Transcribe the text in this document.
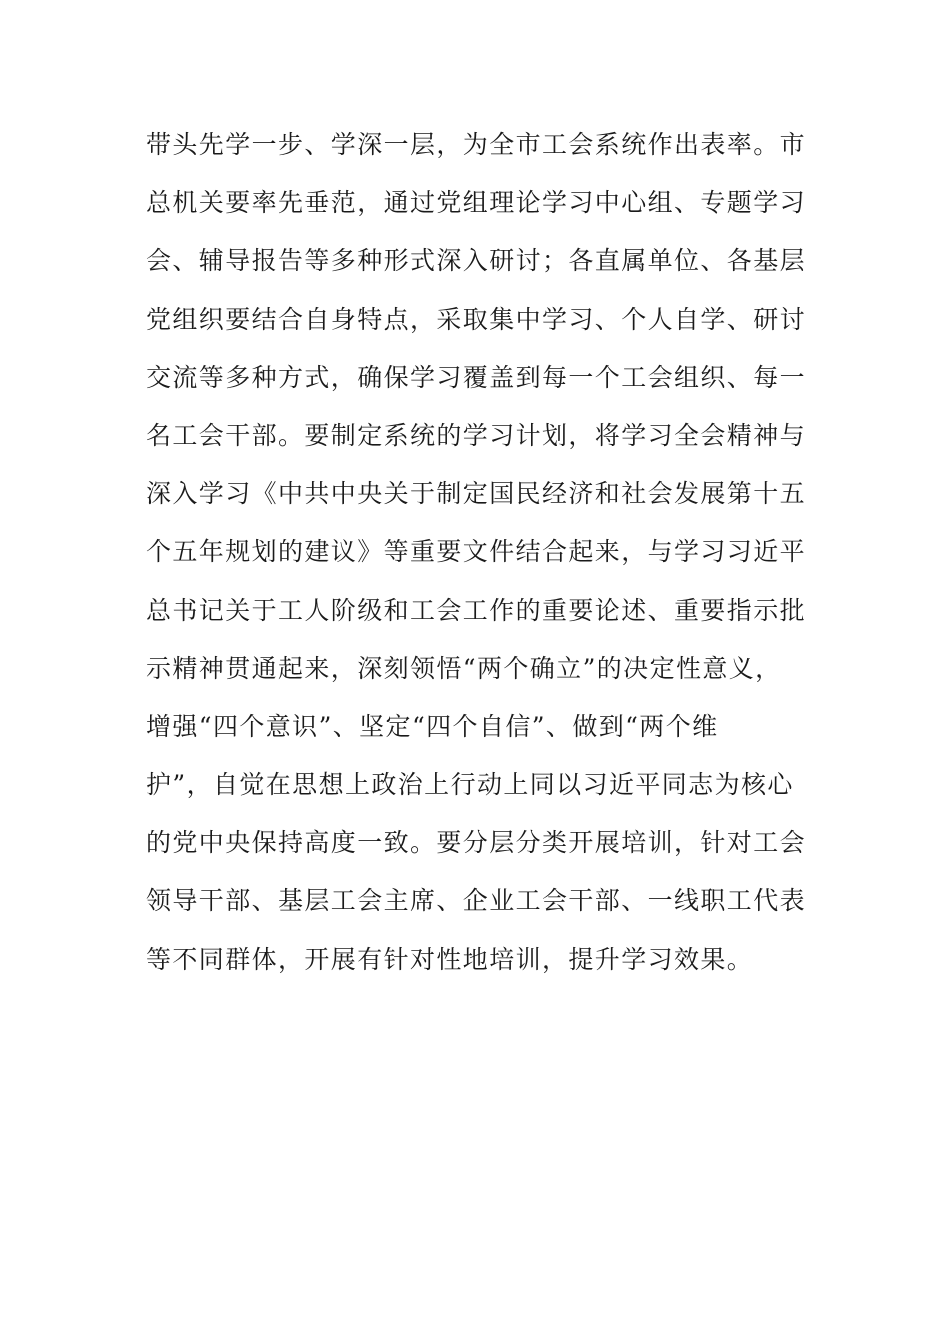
带头先学一步、学深一层，为全市工会系统作出表率。市
总机关要率先垂范，通过党组理论学习中心组、专题学习
会、辅导报告等多种形式深入研讨；各直属单位、各基层
党组织要结合自身特点，采取集中学习、个人自学、研讨
交流等多种方式，确保学习覆盖到每一个工会组织、每一
名工会干部。要制定系统的学习计划，将学习全会精神与
深入学习《中共中央关于制定国民经济和社会发展第十五
个五年规划的建议》等重要文件结合起来，与学习习近平
总书记关于工人阶级和工会工作的重要论述、重要指示批
示精神贯通起来，深刻领悟“两个确立”的决定性意义，
增强“四个意识”、坚定“四个自信”、做到“两个维
护”，自觉在思想上政治上行动上同以习近平同志为核心
的党中央保持高度一致。要分层分类开展培训，针对工会
领导干部、基层工会主席、企业工会干部、一线职工代表
等不同群体，开展有针对性地培训，提升学习效果。
